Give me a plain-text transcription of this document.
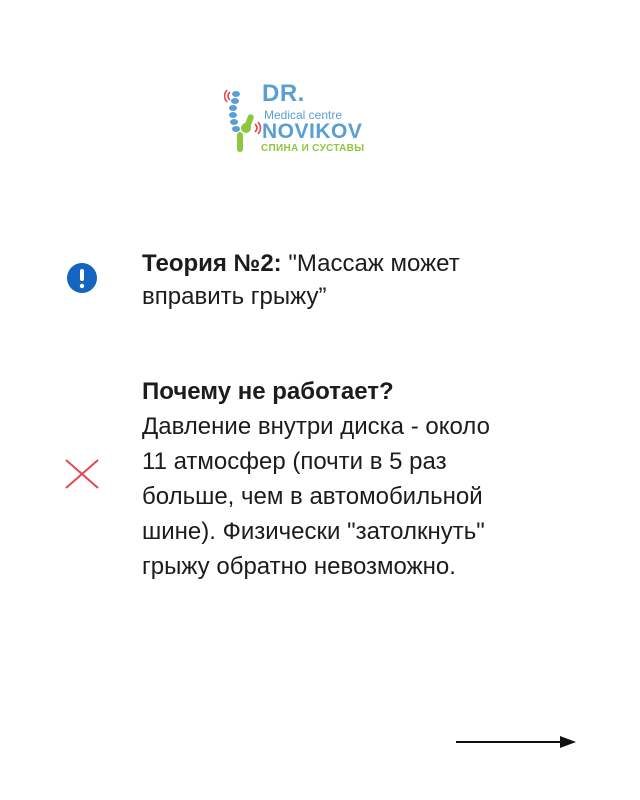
DR.
Medical centre
NOVIKOV
СПИНА И СУСТАВЫ
Теория №2: "Массаж может
вправить грыжу”
Почему не работает?
Давление внутри диска - около
11 атмосфер (почти в 5 раз
больше, чем в автомобильной
шине). Физически "затолкнуть"
грыжу обратно невозможно.
